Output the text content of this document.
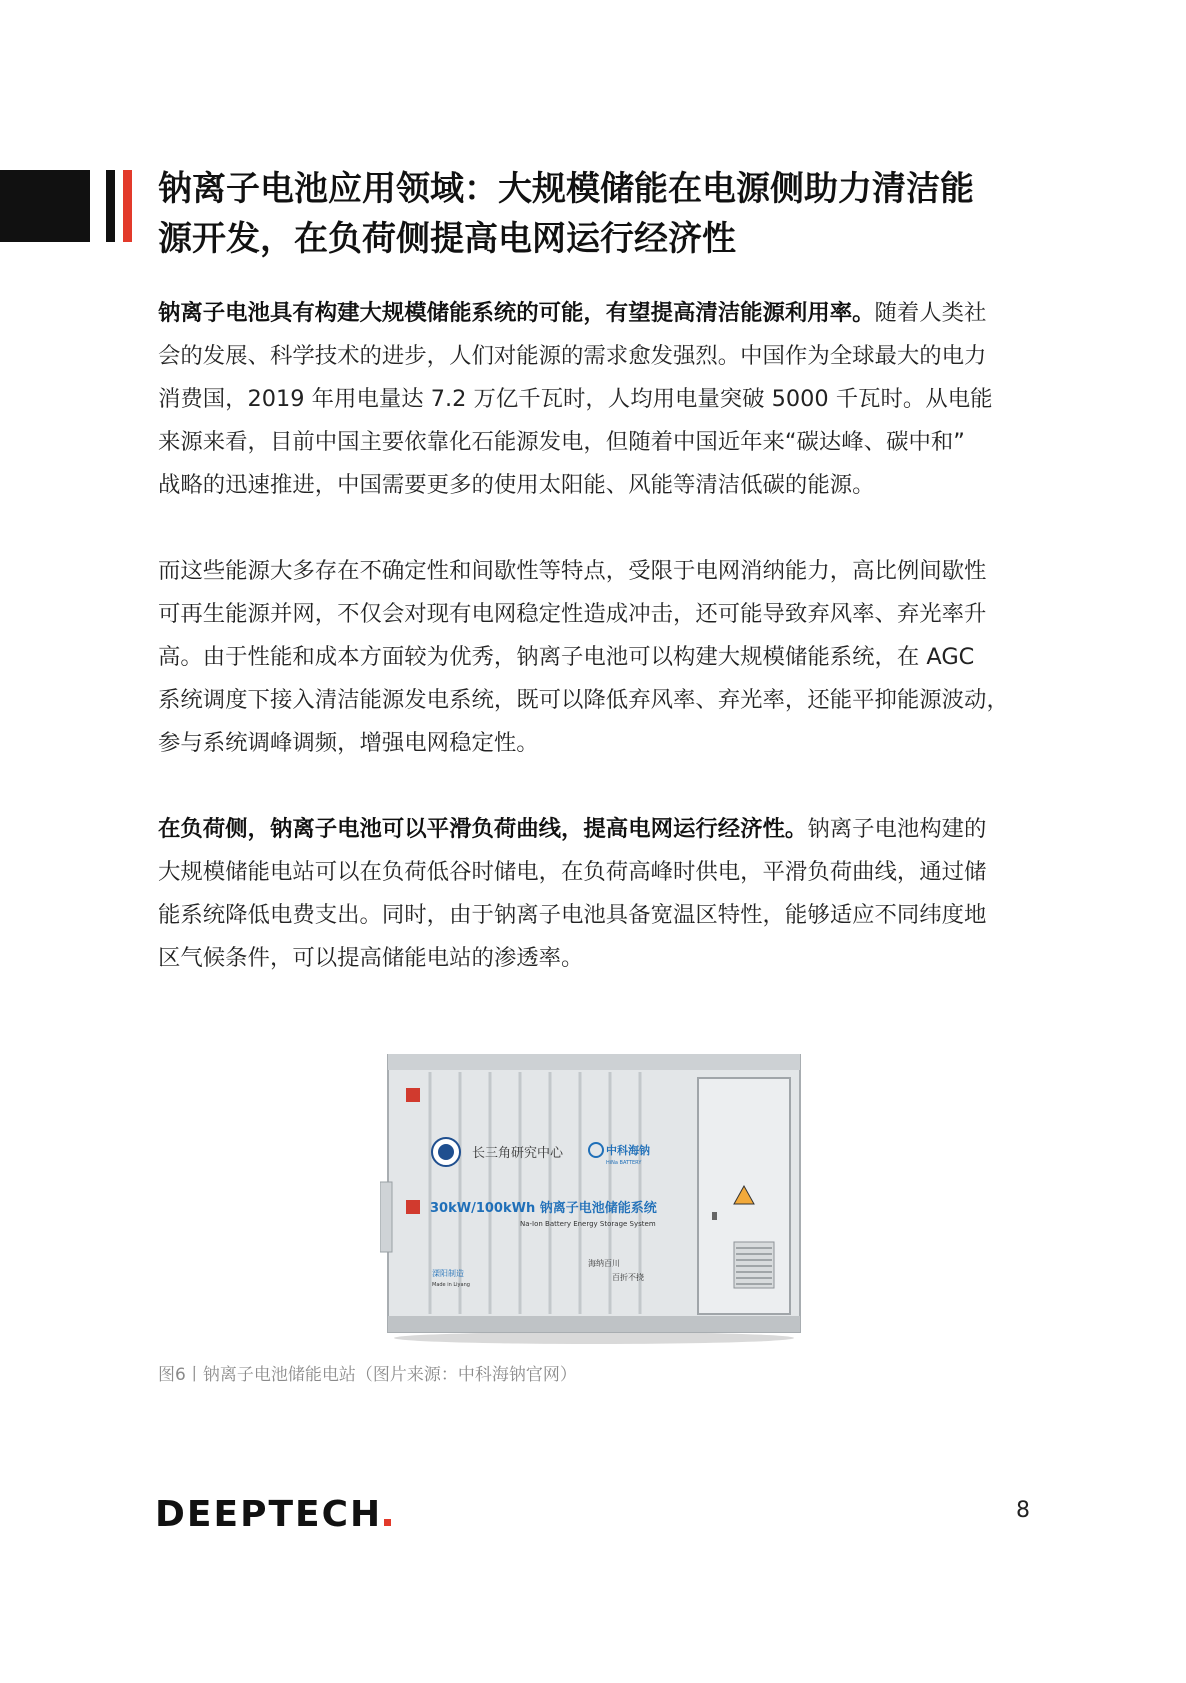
钠离子电池应用领域：大规模储能在电源侧助力清洁能
源开发，在负荷侧提高电网运行经济性

钠离子电池具有构建大规模储能系统的可能，有望提高清洁能源利用率。随着人类社
会的发展、科学技术的进步，人们对能源的需求愈发强烈。中国作为全球最大的电力
消费国，2019 年用电量达 7.2 万亿千瓦时，人均用电量突破 5000 千瓦时。从电能
来源来看，目前中国主要依靠化石能源发电，但随着中国近年来“碳达峰、碳中和”
战略的迅速推进，中国需要更多的使用太阳能、风能等清洁低碳的能源。

而这些能源大多存在不确定性和间歇性等特点，受限于电网消纳能力，高比例间歇性
可再生能源并网，不仅会对现有电网稳定性造成冲击，还可能导致弃风率、弃光率升
高。由于性能和成本方面较为优秀，钠离子电池可以构建大规模储能系统，在 AGC
系统调度下接入清洁能源发电系统，既可以降低弃风率、弃光率，还能平抑能源波动，
参与系统调峰调频，增强电网稳定性。

在负荷侧，钠离子电池可以平滑负荷曲线，提高电网运行经济性。钠离子电池构建的
大规模储能电站可以在负荷低谷时储电，在负荷高峰时供电，平滑负荷曲线，通过储
能系统降低电费支出。同时，由于钠离子电池具备宽温区特性，能够适应不同纬度地
区气候条件，可以提高储能电站的渗透率。

长三角研究中心	中科海钠
HiNa BATTERY
30kW/100kWh 钠离子电池储能系统
Na-Ion Battery Energy Storage System
溧阳制造
Made in Liyang
海纳百川
百折不挠
图6丨钠离子电池储能电站（图片来源：中科海钠官网）
DEEPTECH	8
